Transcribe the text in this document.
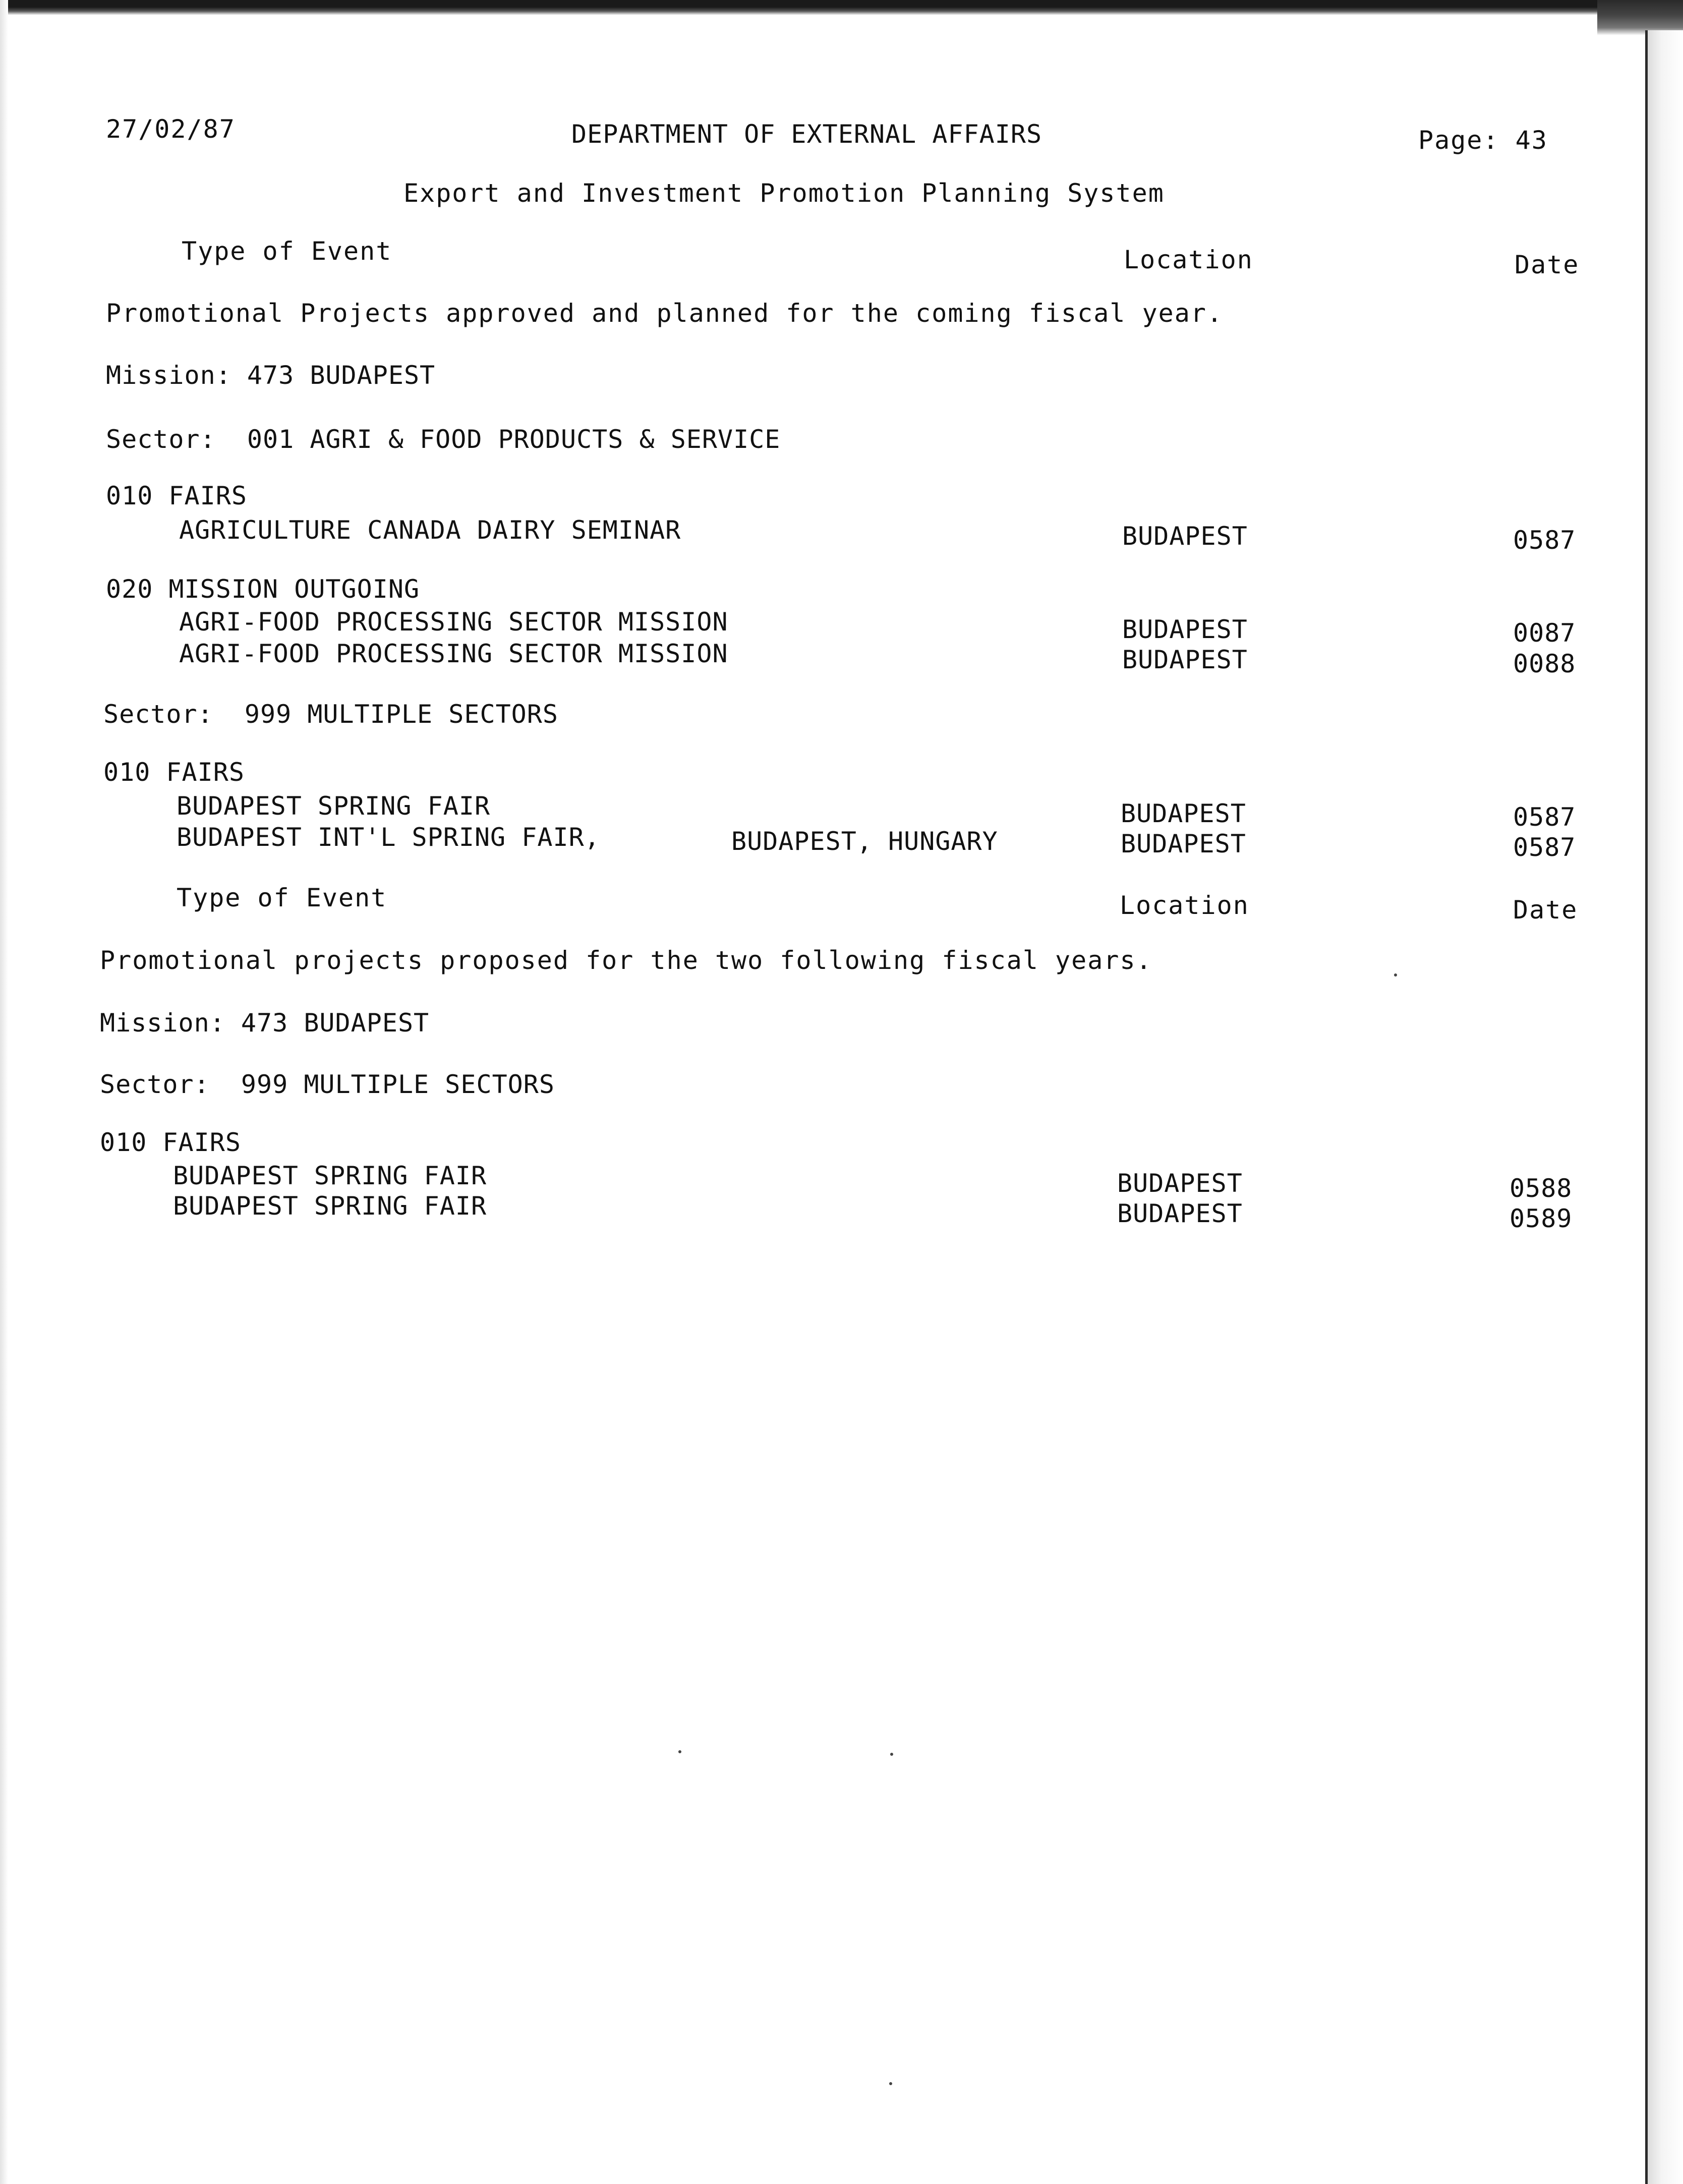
27/02/87	DEPARTMENT OF EXTERNAL AFFAIRS	Page: 43
Export and Investment Promotion Planning System
Type of Event	Location	Date
Promotional Projects approved and planned for the coming fiscal year.
Mission: 473 BUDAPEST
Sector:  001 AGRI & FOOD PRODUCTS & SERVICE
010 FAIRS
AGRICULTURE CANADA DAIRY SEMINAR	BUDAPEST	0587
020 MISSION OUTGOING
AGRI-FOOD PROCESSING SECTOR MISSION	BUDAPEST	0087
AGRI-FOOD PROCESSING SECTOR MISSION	BUDAPEST	0088
Sector:  999 MULTIPLE SECTORS
010 FAIRS
BUDAPEST SPRING FAIR	BUDAPEST	0587
BUDAPEST INT'L SPRING FAIR,	BUDAPEST, HUNGARY	BUDAPEST	0587
Type of Event	Location	Date
Promotional projects proposed for the two following fiscal years.
Mission: 473 BUDAPEST
Sector:  999 MULTIPLE SECTORS
010 FAIRS
BUDAPEST SPRING FAIR	BUDAPEST	0588
BUDAPEST SPRING FAIR	BUDAPEST	0589
